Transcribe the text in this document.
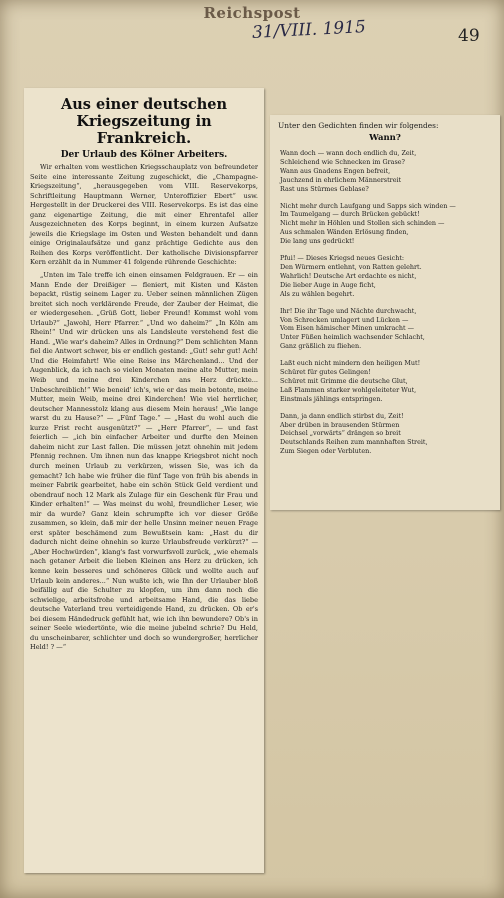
Reichspost
31/VIII. 1915	49
Aus einer deutschen Kriegszeitung in Frankreich.
Der Urlaub des Kölner Arbeiters.

Wir erhalten vom westlichen Kriegsschauplatz von befreundeter Seite eine interessante Zeitung zugeschickt, die „Champagne-Kriegszeitung“, „herausgegeben vom VIII. Reservekorps, Schriftleitung Hauptmann Werner, Unteroffizier Ebert“ usw. Hergestellt in der Druckerei des VIII. Reservekorps. Es ist das eine ganz eigenartige Zeitung, die mit einer Ehrentafel aller Ausgezeichneten des Korps beginnt, in einem kurzen Aufsatze jeweils die Kriegslage im Osten und Westen behandelt und dann einige Originalaufsätze und ganz prächtige Gedichte aus den Reihen des Korps veröffentlicht. Der katholische Divisionspfarrer Kern erzählt da in Nummer 41 folgende rührende Geschichte:

„Unten im Tale treffe ich einen einsamen Feldgrauen. Er — ein Mann Ende der Dreißiger — fleniert, mit Kisten und Kästen bepackt, rüstig seinem Lager zu. Ueber seinen männlichen Zügen breitet sich noch verklärende Freude, der Zauber der Heimat, die er wiedergesehen. „Grüß Gott, lieber Freund! Kommst wohl vom Urlaub?“ „Jawohl, Herr Pfarrer.“ „Und wo daheim?“ „In Köln am Rhein!“ Und wir drücken uns als Landsleute verstehend fest die Hand. „Wie war's daheim? Alles in Ordnung?“ Dem schlichten Mann fiel die Antwort schwer, bis er endlich gestand: „Gut! sehr gut! Ach! Und die Heimfahrt! Wie eine Reise ins Märchenland... Und der Augenblick, da ich nach so vielen Monaten meine alte Mutter, mein Weib und meine drei Kinderchen ans Herz drückte... Unbeschreiblich!“ Wie beneid' ich's, wie er das mein betonte, meine Mutter, mein Weib, meine drei Kinderchen! Wie viel herrlicher, deutscher Mannesstolz klang aus diesem Mein heraus! „Wie lange warst du zu Hause?“ — „Fünf Tage.“ — „Hast du wohl auch die kurze Frist recht ausgenützt?“ — „Herr Pfarrer“, — und fast feierlich — „ich bin einfacher Arbeiter und durfte den Meinen daheim nicht zur Last fallen. Die müssen jetzt ohnehin mit jedem Pfennig rechnen. Um ihnen nun das knappe Kriegsbrot nicht noch durch meinen Urlaub zu verkürzen, wissen Sie, was ich da gemacht? Ich habe wie früher die fünf Tage von früh bis abends in meiner Fabrik gearbeitet, habe ein schön Stück Geld verdient und obendrauf noch 12 Mark als Zulage für ein Geschenk für Frau und Kinder erhalten!“ — Was meinst du wohl, freundlicher Leser, wie mir da wurde? Ganz klein schrumpfte ich vor dieser Größe zusammen, so klein, daß mir der helle Unsinn meiner neuen Frage erst später beschämend zum Bewußtsein kam: „Hast du dir dadurch nicht deine ohnehin so kurze Urlaubsfreude verkürzt?“ — „Aber Hochwürden“, klang's fast vorwurfsvoll zurück, „wie ehemals nach getaner Arbeit die lieben Kleinen ans Herz zu drücken, ich kenne kein besseres und schöneres Glück und wollte auch auf Urlaub kein anderes...“ Nun wußte ich, wie Ihn der Urlauber bloß beifällig auf die Schulter zu klopfen, um ihm dann noch die schwielige, arbeitsfrohe und arbeitsame Hand, die das liebe deutsche Vaterland treu verteidigende Hand, zu drücken. Ob er's bei diesem Händedruck gefühlt hat, wie ich ihn bewundere? Ob's in seiner Seele wiedertönte, wie die meine jubelnd schrie? Du Held, du unscheinbarer, schlichter und doch so wundergroßer, herrlicher Held! ? —“

Unter den Gedichten finden wir folgendes:
Wann?
Wann doch — wann doch endlich du, Zeit,
Schleichend wie Schnecken im Grase?
Wann aus Gnadens Engen befreit,
Jauchzend in ehrlichem Männerstreit
Rast uns Stürmes Geblase?
Nicht mehr durch Laufgang und Sapps sich winden —
Im Taumelgang — durch Brücken gebückt!
Nicht mehr in Höhlen und Stollen sich schinden —
Aus schmalen Wänden Erlösung finden,
Die lang uns gedrückt!
Pfui! — Dieses Kriegsd neues Gesicht:
Den Würmern entlehnt, von Ratten gelehrt.
Wahrlich! Deutsche Art erdachte es nicht,
Die lieber Auge in Auge ficht,
Als zu wählen begehrt.
Ihr! Die ihr Tage und Nächte durchwacht,
Von Schrecken umlagert und Lücken —
Vom Eisen hämischer Minen umkracht —
Unter Füßen heimlich wachsender Schlacht,
Ganz gräßlich zu fliehen.
Laßt euch nicht mindern den heiligen Mut!
Schüret für gutes Gelingen!
Schüret mit Grimme die deutsche Glut,
Laß Flammen starker wohlgeleiteter Wut,
Einstmals jählings entspringen.
Dann, ja dann endlich stirbst du, Zeit!
Aber drüben in brausenden Stürmen
Deichsel „vorwärts“ drängen so breit
Deutschlands Reihen zum mannhaften Streit,
Zum Siegen oder Verbluten.
